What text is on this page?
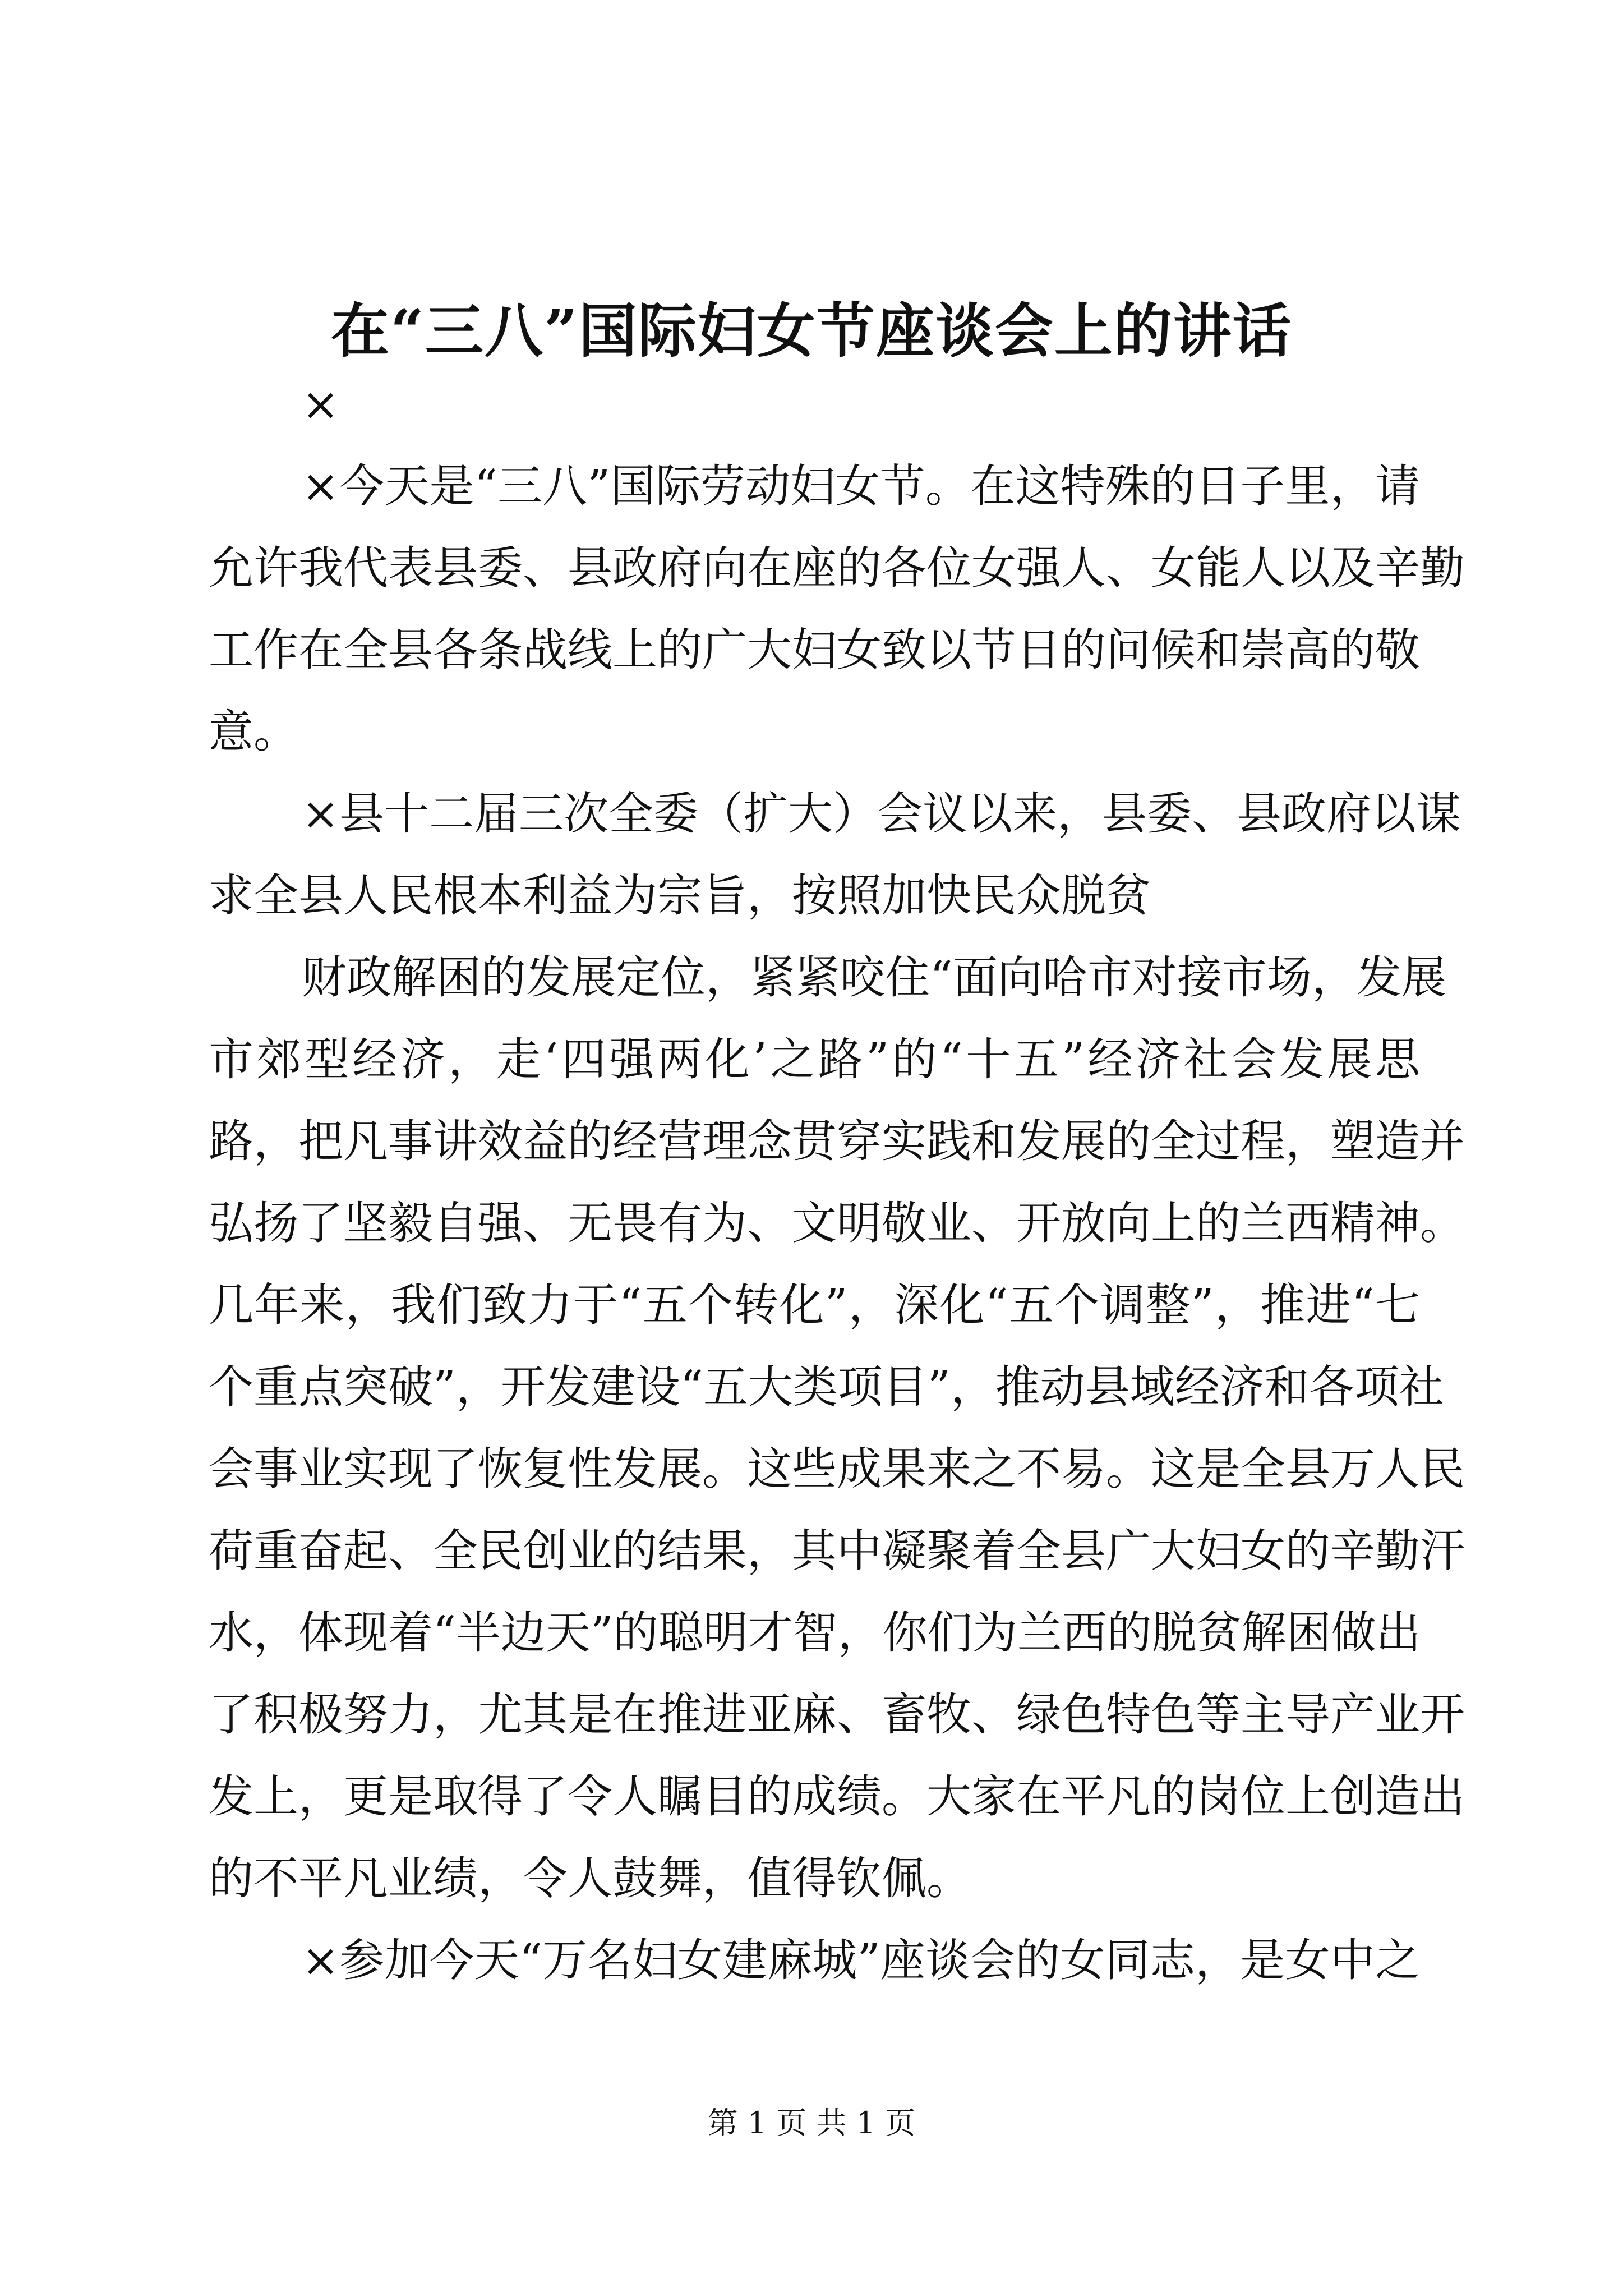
在“三八”国际妇女节座谈会上的讲话
×
×今天是“三八”国际劳动妇女节。在这特殊的日子里，请
允许我代表县委、县政府向在座的各位女强人、女能人以及辛勤
工作在全县各条战线上的广大妇女致以节日的问候和崇高的敬
意。
×县十二届三次全委（扩大）会议以来，县委、县政府以谋
求全县人民根本利益为宗旨，按照加快民众脱贫
财政解困的发展定位，紧紧咬住“面向哈市对接市场，发展
市郊型经济，走‘四强两化’之路”的“十五”经济社会发展思
路，把凡事讲效益的经营理念贯穿实践和发展的全过程，塑造并
弘扬了坚毅自强、无畏有为、文明敬业、开放向上的兰西精神。
几年来，我们致力于“五个转化”，深化“五个调整”，推进“七
个重点突破”，开发建设“五大类项目”，推动县域经济和各项社
会事业实现了恢复性发展。这些成果来之不易。这是全县万人民
荷重奋起、全民创业的结果，其中凝聚着全县广大妇女的辛勤汗
水，体现着“半边天”的聪明才智，你们为兰西的脱贫解困做出
了积极努力，尤其是在推进亚麻、畜牧、绿色特色等主导产业开
发上，更是取得了令人瞩目的成绩。大家在平凡的岗位上创造出
的不平凡业绩，令人鼓舞，值得钦佩。
×参加今天“万名妇女建麻城”座谈会的女同志，是女中之
第 1 页 共 1 页
